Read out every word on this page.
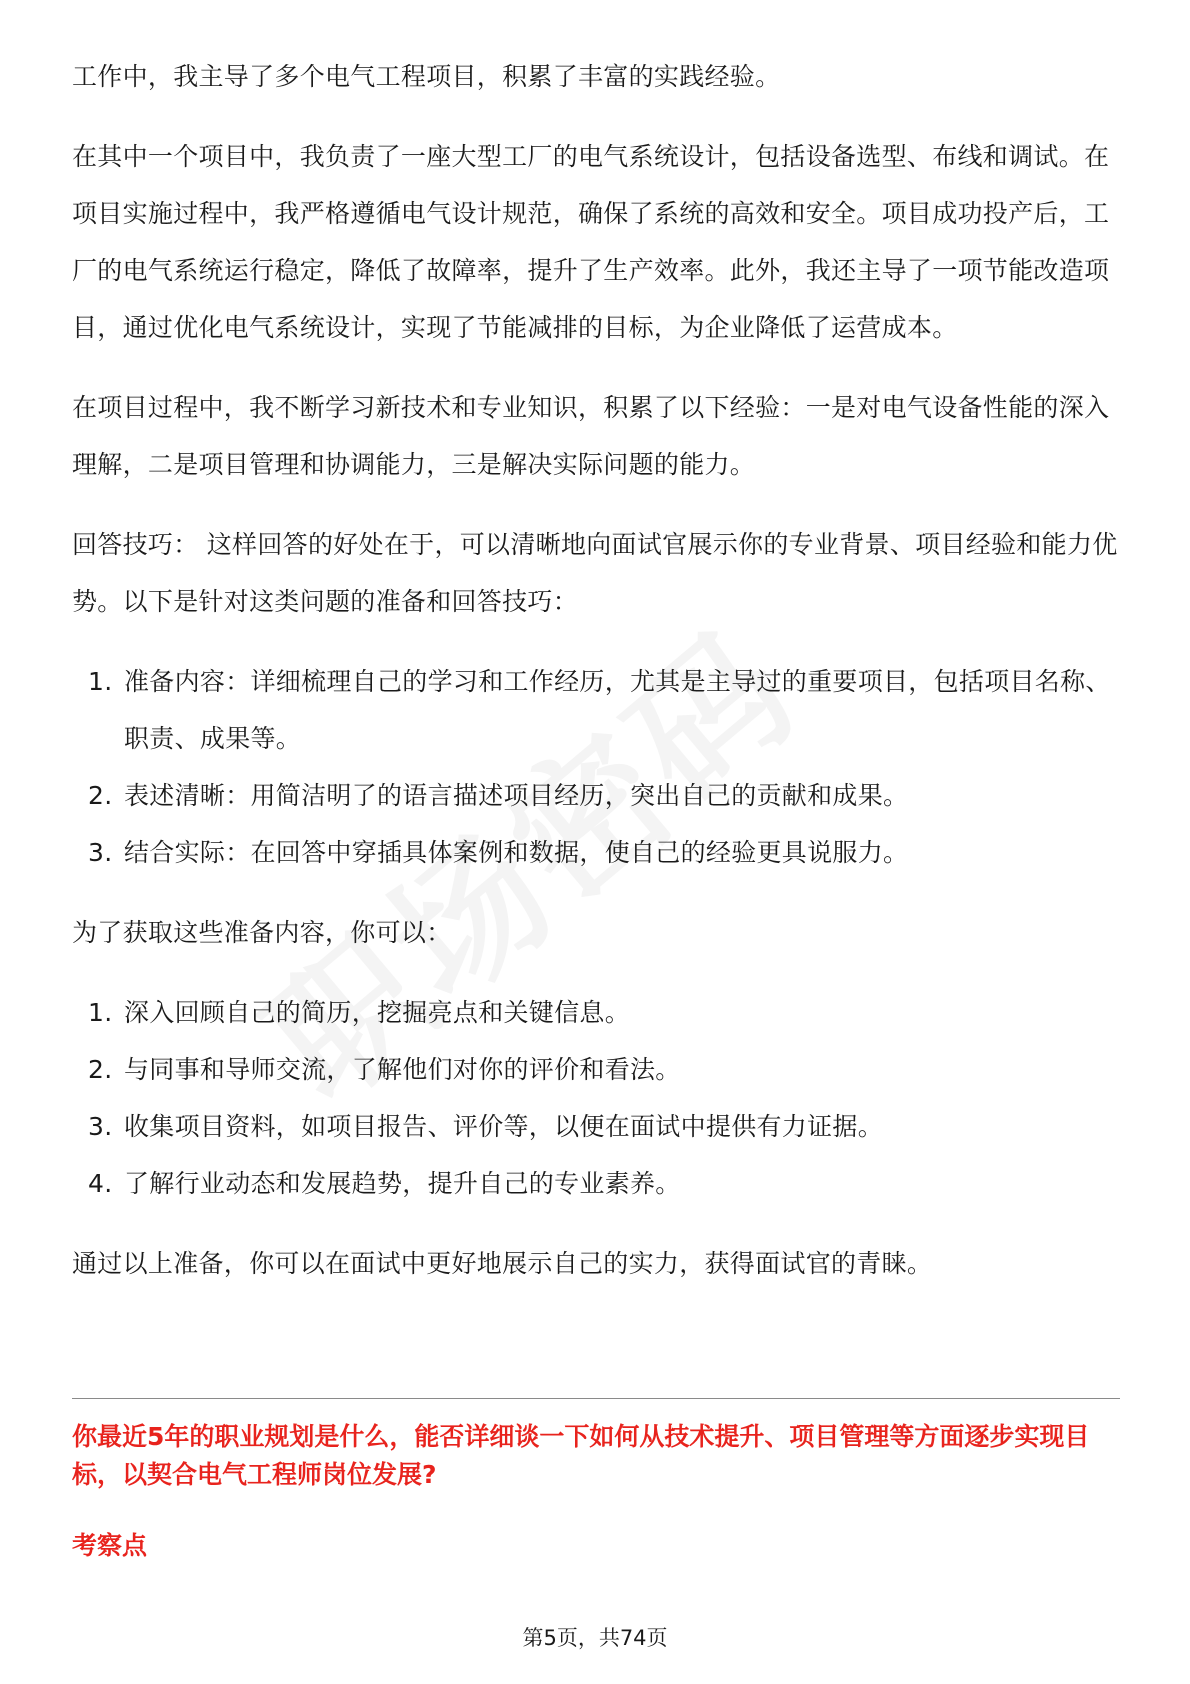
工作中，我主导了多个电气工程项目，积累了丰富的实践经验。

在其中一个项目中，我负责了一座大型工厂的电气系统设计，包括设备选型、布线和调试。在项目实施过程中，我严格遵循电气设计规范，确保了系统的高效和安全。项目成功投产后，工厂的电气系统运行稳定，降低了故障率，提升了生产效率。此外，我还主导了一项节能改造项目，通过优化电气系统设计，实现了节能减排的目标，为企业降低了运营成本。

在项目过程中，我不断学习新技术和专业知识，积累了以下经验：一是对电气设备性能的深入理解，二是项目管理和协调能力，三是解决实际问题的能力。

回答技巧： 这样回答的好处在于，可以清晰地向面试官展示你的专业背景、项目经验和能力优势。以下是针对这类问题的准备和回答技巧：

1. 准备内容：详细梳理自己的学习和工作经历，尤其是主导过的重要项目，包括项目名称、职责、成果等。
2. 表述清晰：用简洁明了的语言描述项目经历，突出自己的贡献和成果。
3. 结合实际：在回答中穿插具体案例和数据，使自己的经验更具说服力。

为了获取这些准备内容，你可以：

1. 深入回顾自己的简历，挖掘亮点和关键信息。
2. 与同事和导师交流，了解他们对你的评价和看法。
3. 收集项目资料，如项目报告、评价等，以便在面试中提供有力证据。
4. 了解行业动态和发展趋势，提升自己的专业素养。

通过以上准备，你可以在面试中更好地展示自己的实力，获得面试官的青睐。

你最近5年的职业规划是什么，能否详细谈一下如何从技术提升、项目管理等方面逐步实现目标，以契合电气工程师岗位发展?

考察点

第5页，共74页
